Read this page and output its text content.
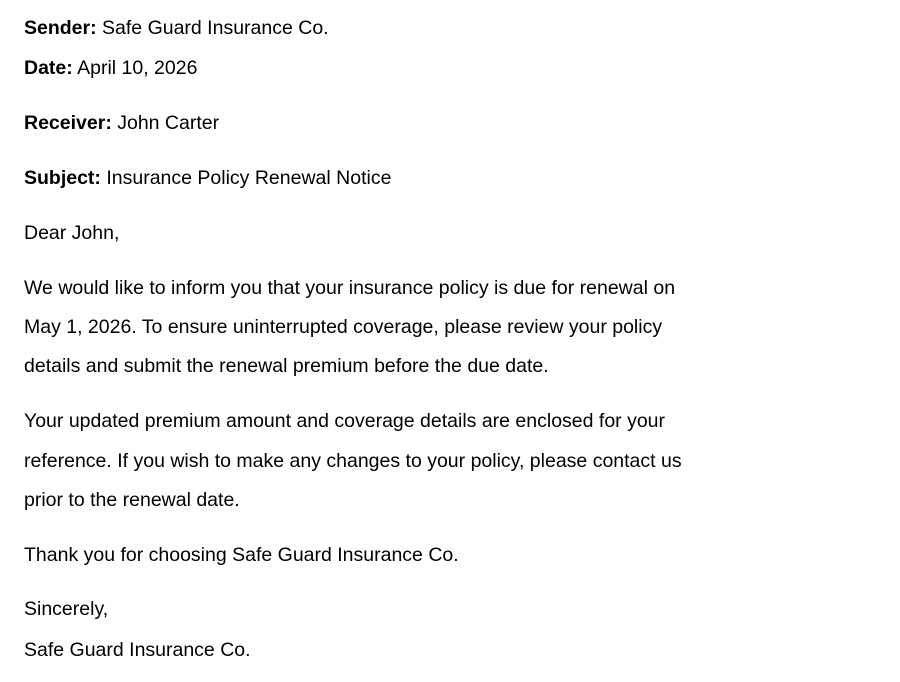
Sender: Safe Guard Insurance Co.
Date: April 10, 2026
Receiver: John Carter
Subject: Insurance Policy Renewal Notice
Dear John,
We would like to inform you that your insurance policy is due for renewal on
May 1, 2026. To ensure uninterrupted coverage, please review your policy
details and submit the renewal premium before the due date.
Your updated premium amount and coverage details are enclosed for your
reference. If you wish to make any changes to your policy, please contact us
prior to the renewal date.
Thank you for choosing Safe Guard Insurance Co.
Sincerely,
Safe Guard Insurance Co.
